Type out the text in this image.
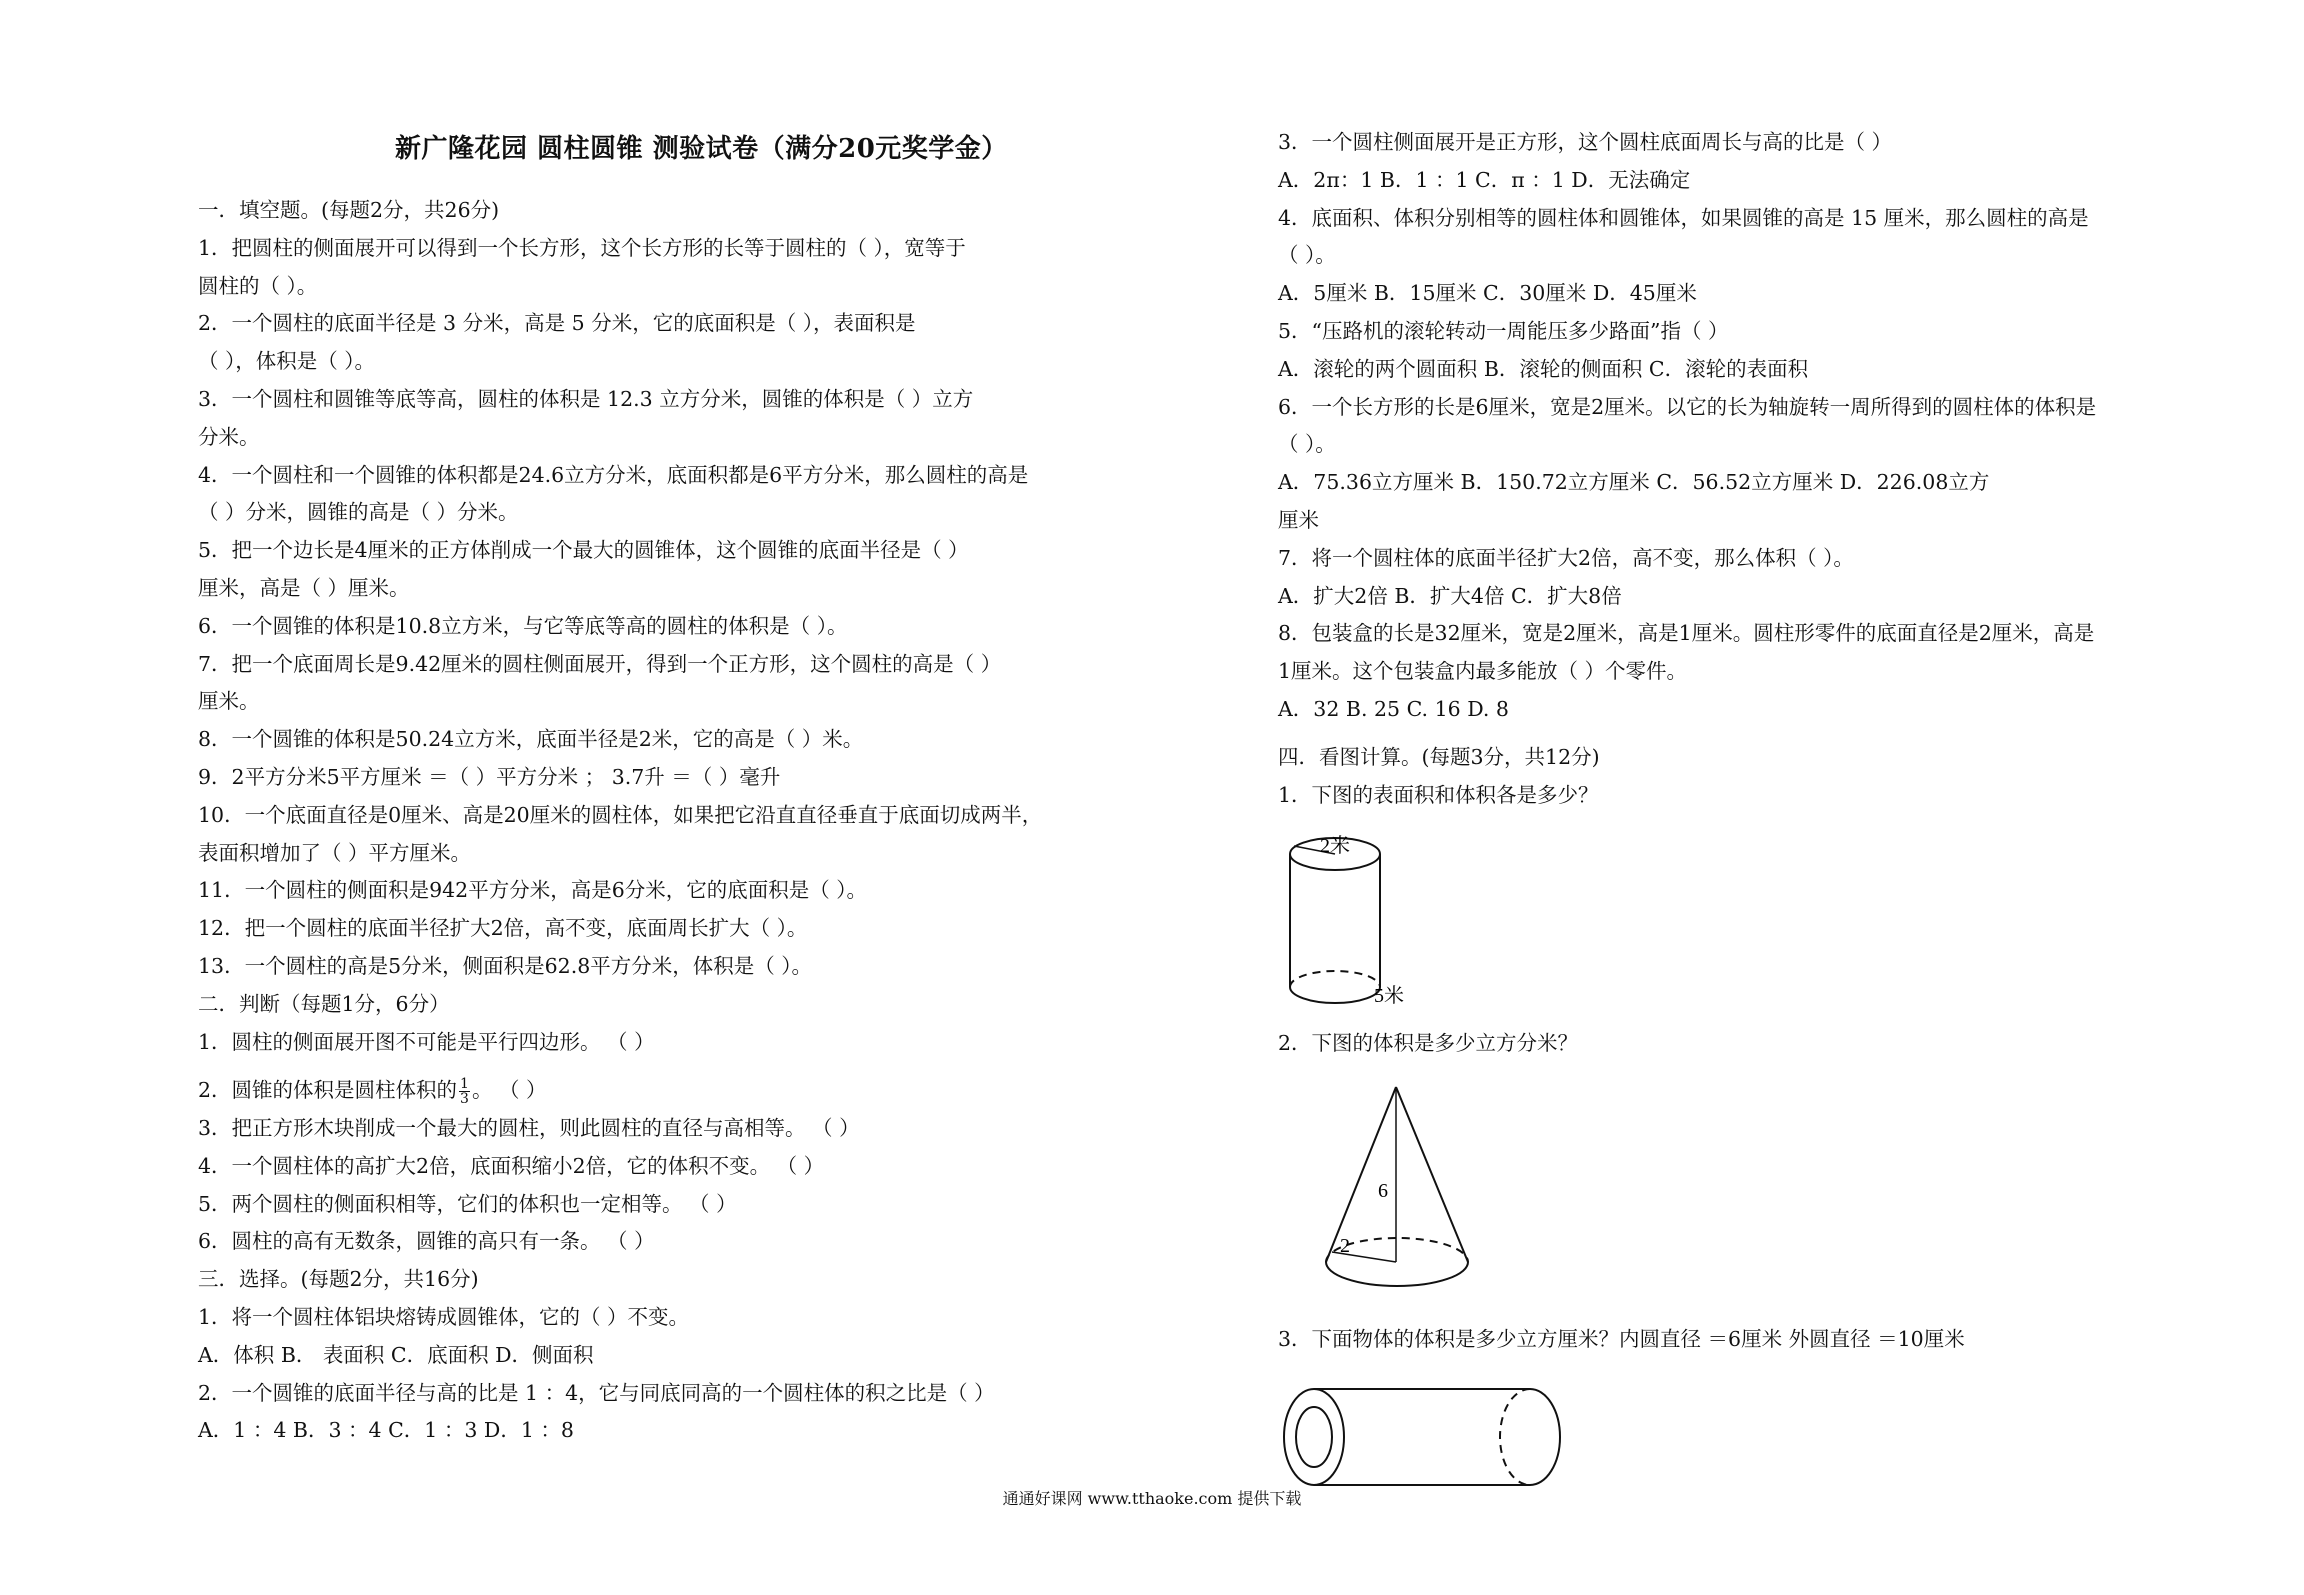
新广隆花园 圆柱圆锥 测验试卷（满分20元奖学金）
一．填空题。(每题2分，共26分)
1．把圆柱的侧面展开可以得到一个长方形，这个长方形的长等于圆柱的（ ），宽等于
圆柱的（ ）。
2．一个圆柱的底面半径是 3 分米，高是 5 分米，它的底面积是（ ），表面积是
（ ），体积是（ ）。
3．一个圆柱和圆锥等底等高，圆柱的体积是 12.3 立方分米，圆锥的体积是（ ）立方
分米。
4．一个圆柱和一个圆锥的体积都是24.6立方分米，底面积都是6平方分米，那么圆柱的高是
（ ）分米，圆锥的高是（ ）分米。
5．把一个边长是4厘米的正方体削成一个最大的圆锥体，这个圆锥的底面半径是（ ）
厘米，高是（ ）厘米。
6．一个圆锥的体积是10.8立方米，与它等底等高的圆柱的体积是（ ）。
7．把一个底面周长是9.42厘米的圆柱侧面展开，得到一个正方形，这个圆柱的高是（ ）
厘米。
8．一个圆锥的体积是50.24立方米，底面半径是2米，它的高是（ ）米。
9．2平方分米5平方厘米 ＝（ ）平方分米 ； 3.7升 ＝（ ）毫升
10．一个底面直径是0厘米、高是20厘米的圆柱体，如果把它沿直直径垂直于底面切成两半，
表面积增加了（ ）平方厘米。
11．一个圆柱的侧面积是942平方分米，高是6分米，它的底面积是（ ）。
12．把一个圆柱的底面半径扩大2倍，高不变，底面周长扩大（ ）。
13．一个圆柱的高是5分米，侧面积是62.8平方分米，体积是（ ）。
二．判断（每题1分，6分）
1．圆柱的侧面展开图不可能是平行四边形。 （ ）
3．把正方形木块削成一个最大的圆柱，则此圆柱的直径与高相等。 （ ）
4．一个圆柱体的高扩大2倍，底面积缩小2倍，它的体积不变。 （ ）
5．两个圆柱的侧面积相等，它们的体积也一定相等。 （ ）
6．圆柱的高有无数条，圆锥的高只有一条。 （ ）
三．选择。(每题2分，共16分)
1．将一个圆柱体铝块熔铸成圆锥体，它的（ ）不变。
A．体积 B． 表面积 C．底面积 D．侧面积
2．一个圆锥的底面半径与高的比是 1 ：4，它与同底同高的一个圆柱体的积之比是（ ）
A．1 ：4 B．3 ：4 C．1 ：3 D．1 ：8
3．一个圆柱侧面展开是正方形，这个圆柱底面周长与高的比是（ ）
A．2π：1 B．1 ：1 C．π ：1 D．无法确定
4．底面积、体积分别相等的圆柱体和圆锥体，如果圆锥的高是 15 厘米，那么圆柱的高是
（ ）。
A．5厘米 B．15厘米 C．30厘米 D．45厘米
5．“压路机的滚轮转动一周能压多少路面”指（ ）
A．滚轮的两个圆面积 B．滚轮的侧面积 C．滚轮的表面积
6．一个长方形的长是6厘米，宽是2厘米。以它的长为轴旋转一周所得到的圆柱体的体积是
（ ）。
A．75.36立方厘米 B．150.72立方厘米 C．56.52立方厘米 D．226.08立方
厘米
7．将一个圆柱体的底面半径扩大2倍，高不变，那么体积（ ）。
A．扩大2倍 B．扩大4倍 C．扩大8倍
8．包装盒的长是32厘米，宽是2厘米，高是1厘米。圆柱形零件的底面直径是2厘米，高是
1厘米。这个包装盒内最多能放（ ）个零件。
A．32 B. 25 C. 16 D. 8
四．看图计算。(每题3分，共12分)
1．下图的表面积和体积各是多少？
2．下图的体积是多少立方分米？
3．下面物体的体积是多少立方厘米？内圆直径 ＝6厘米 外圆直径 ＝10厘米
2．圆锥的体积是圆柱体积的 $\frac{1}{3}$ 。 （ ）
2米
5米
6
2
通通好课网 www.tthaoke.com 提供下载
